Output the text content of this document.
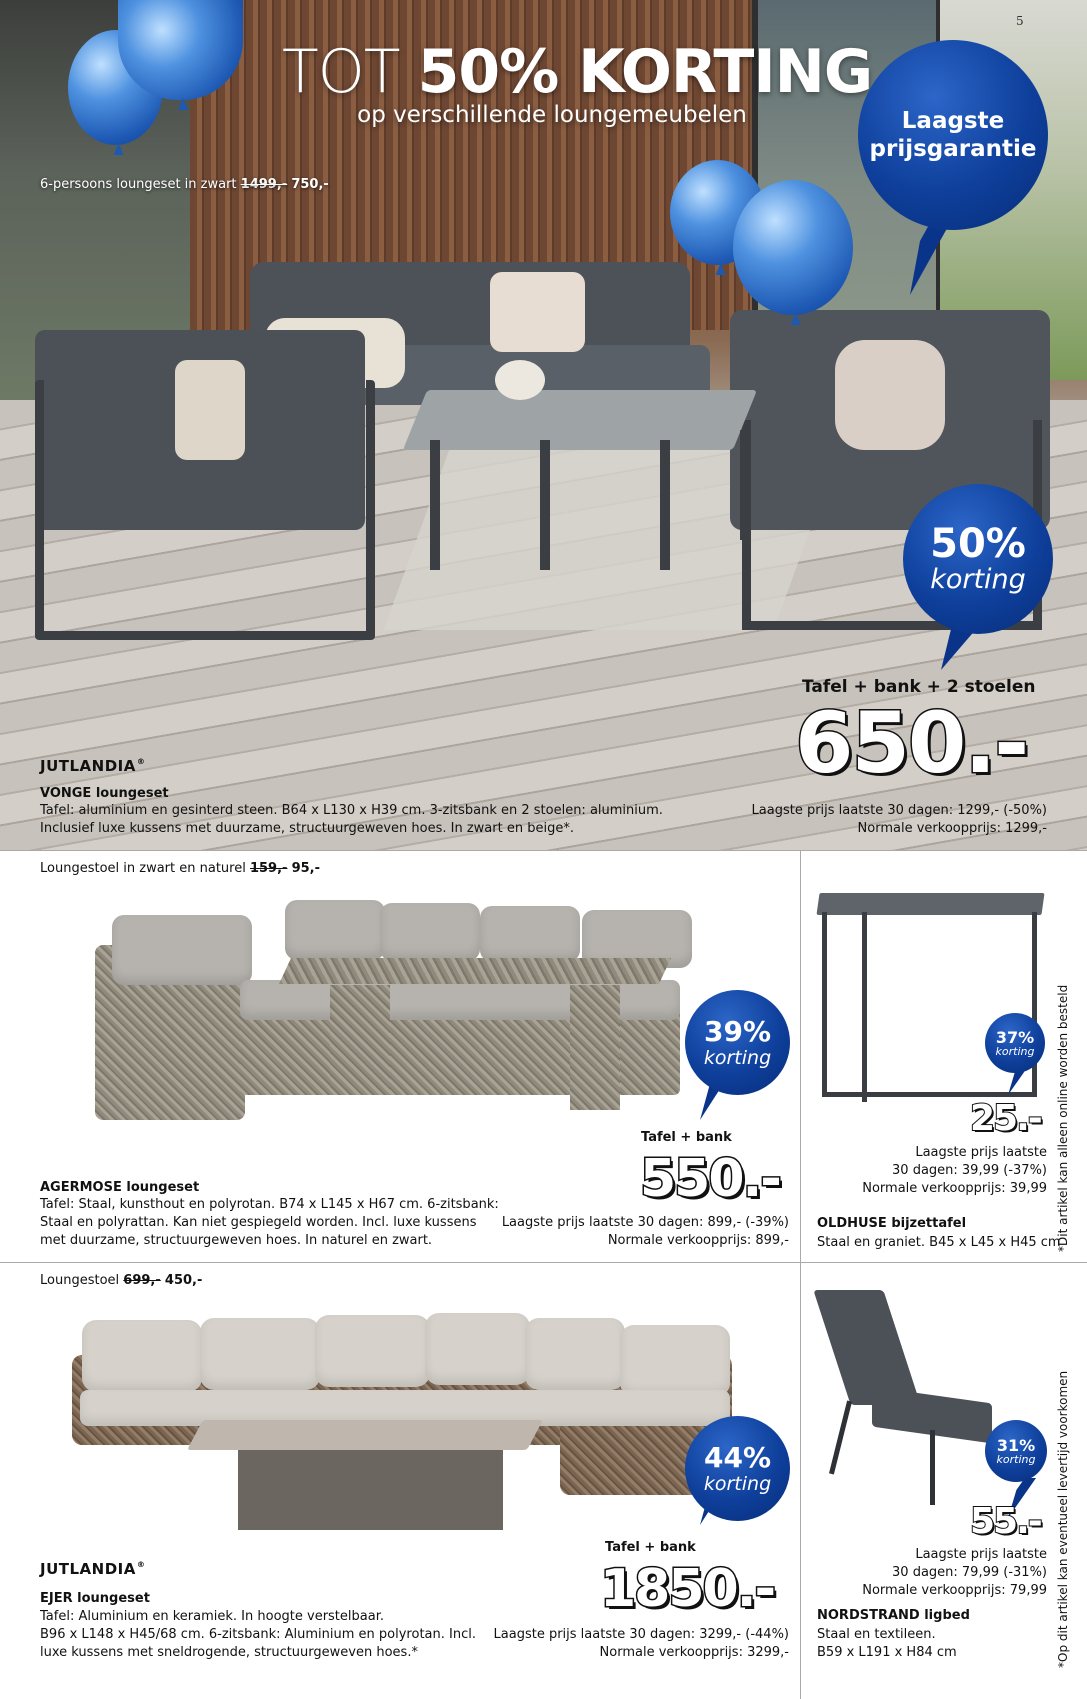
TOT 50% KORTING
op verschillende loungemeubelen
5
6-persoons loungeset in zwart 1499,- 750,-
Laagste
prijsgarantie
50%
korting
Tafel + bank + 2 stoelen
650.-
JUTLANDIA ®
VONGE loungeset
Tafel: aluminium en gesinterd steen. B64 x L130 x H39 cm. 3-zitsbank en 2 stoelen: aluminium.
Inclusief luxe kussens met duurzame, structuurgeweven hoes. In zwart en beige*.
Laagste prijs laatste 30 dagen: 1299,- (-50%)
Normale verkoopprijs: 1299,-
Loungestoel in zwart en naturel 159,- 95,-
39%
korting
Tafel + bank
550.-
AGERMOSE loungeset
Tafel: Staal, kunsthout en polyrotan. B74 x L145 x H67 cm. 6-zitsbank:
Staal en polyrattan. Kan niet gespiegeld worden. Incl. luxe kussens
met duurzame, structuurgeweven hoes. In naturel en zwart.
Laagste prijs laatste 30 dagen: 899,- (-39%)
Normale verkoopprijs: 899,-
37%
korting
25.-
Laagste prijs laatste
30 dagen: 39,99 (-37%)
Normale verkoopprijs: 39,99
OLDHUSE bijzettafel
Staal en graniet. B45 x L45 x H45 cm
*Dit artikel kan alleen online worden besteld
Loungestoel 699,- 450,-
44%
korting
Tafel + bank
1850.-
JUTLANDIA ®
EJER loungeset
Tafel: Aluminium en keramiek. In hoogte verstelbaar.
B96 x L148 x H45/68 cm. 6-zitsbank: Aluminium en polyrotan. Incl.
luxe kussens met sneldrogende, structuurgeweven hoes.*
Laagste prijs laatste 30 dagen: 3299,- (-44%)
Normale verkoopprijs: 3299,-
31%
korting
55.-
Laagste prijs laatste
30 dagen: 79,99 (-31%)
Normale verkoopprijs: 79,99
NORDSTRAND ligbed
Staal en textileen.
B59 x L191 x H84 cm	*Op dit artikel kan eventueel levertijd voorkomen
